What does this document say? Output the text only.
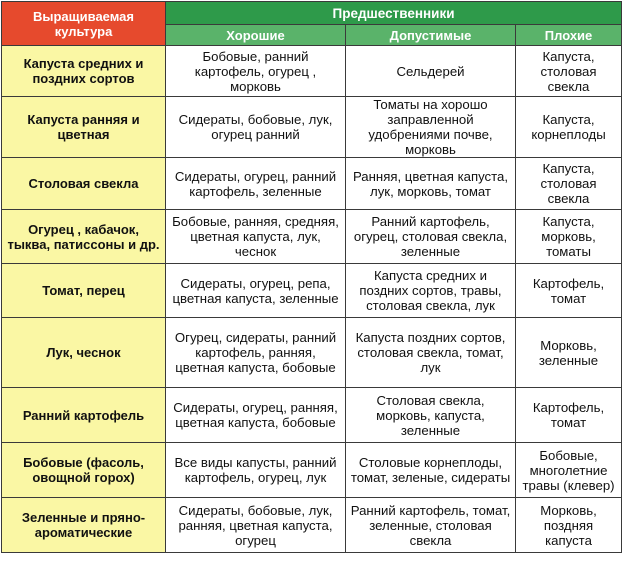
Выращиваемая культура	Предшественники		
	Хорошие	Допустимые	Плохие
Капуста средних и поздних сортов	Бобовые, ранний картофель, огурец , морковь	Сельдерей	Капуста, столовая свекла
Капуста ранняя и цветная	Сидераты, бобовые, лук, огурец ранний	Томаты на хорошо заправленной удобрениями почве, морковь	Капуста, корнеплоды
Столовая свекла	Сидераты, огурец, ранний картофель, зеленные	Ранняя, цветная капуста, лук, морковь, томат	Капуста, столовая свекла
Огурец , кабачок, тыква, патиссоны и др.	Бобовые, ранняя, средняя, цветная капуста, лук, чеснок	Ранний картофель, огурец, столовая свекла, зеленные	Капуста, морковь, томаты
Томат, перец	Сидераты, огурец, репа, цветная капуста, зеленные	Капуста средних и поздних сортов, травы, столовая свекла, лук	Картофель, томат
Лук, чеснок	Огурец, сидераты, ранний картофель, ранняя, цветная капуста, бобовые	Капуста поздних сортов, столовая свекла, томат, лук	Морковь, зеленные
Ранний картофель	Сидераты, огурец, ранняя, цветная капуста, бобовые	Столовая свекла, морковь, капуста, зеленные	Картофель, томат
Бобовые (фасоль, овощной горох)	Все виды капусты, ранний картофель, огурец, лук	Столовые корнеплоды, томат, зеленые, сидераты	Бобовые, многолетние травы (клевер)
Зеленные и пряно-ароматические	Сидераты, бобовые, лук, ранняя, цветная капуста, огурец	Ранний картофель, томат, зеленные, столовая свекла	Морковь, поздняя капуста
